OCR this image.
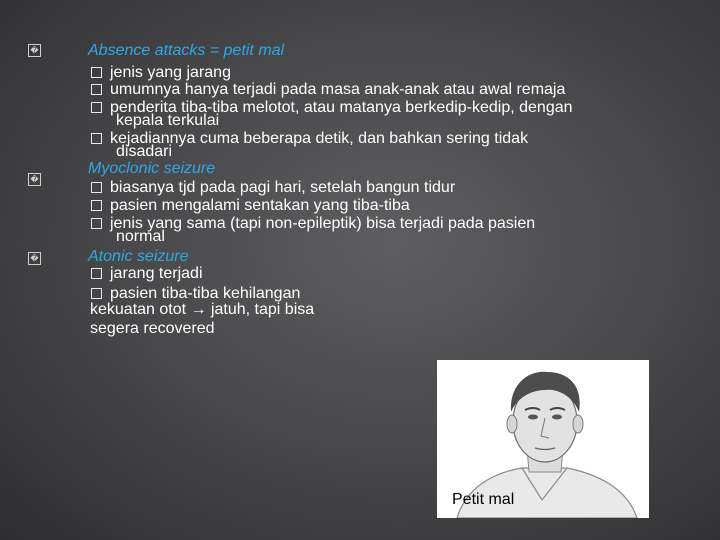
�	Absence attacks = petit mal
jenis yang jarang
umumnya hanya terjadi pada masa anak-anak atau awal remaja
penderita tiba-tiba melotot, atau matanya berkedip-kedip, dengan
kepala terkulai
kejadiannya cuma beberapa detik, dan bahkan sering tidak
disadari
�
Myoclonic seizure
biasanya tjd pada pagi hari, setelah bangun tidur
pasien mengalami sentakan yang tiba-tiba
jenis yang sama (tapi non-epileptik) bisa terjadi pada pasien
normal
�	Atonic seizure
jarang terjadi
pasien tiba-tiba kehilangan
kekuatan otot → jatuh, tapi bisa
segera recovered
Petit mal
